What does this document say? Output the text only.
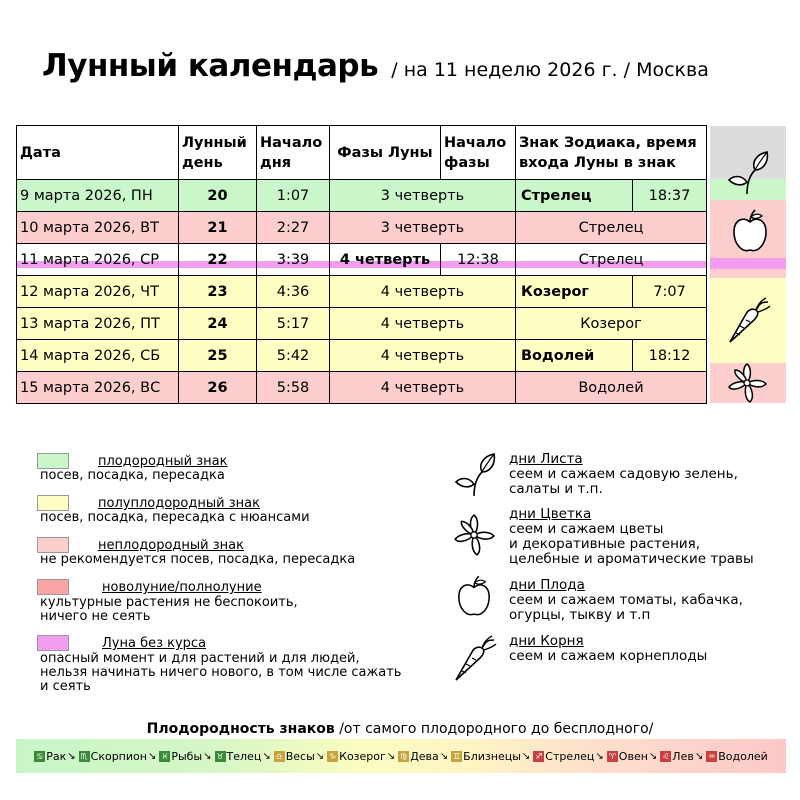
Лунный календарь / на 11 неделю 2026 г. / Москва
Дата	Лунный день	Начало дня	Фазы Луны	Начало фазы	Знак Зодиака, время входа Луны в знак	
9 марта 2026, ПН	20	1:07	3 четверть		Стрелец	18:37
10 марта 2026, ВТ	21	2:27	3 четверть		Стрелец	
11 марта 2026, СР	22	3:39	4 четверть	12:38	Стрелец	
12 марта 2026, ЧТ	23	4:36	4 четверть		Козерог	7:07
13 марта 2026, ПТ	24	5:17	4 четверть		Козерог	
14 марта 2026, СБ	25	5:42	4 четверть		Водолей	18:12
15 марта 2026, ВС	26	5:58	4 четверть		Водолей	
плодородный знак
посев, посадка, пересадка
полуплодородный знак
посев, посадка, пересадка с нюансами
неплодородный знак
не рекомендуется посев, посадка, пересадка
новолуние/полнолуние
культурные растения не беспокоить,
ничего не сеять
Луна без курса
опасный момент и для растений и для людей,
нельзя начинать ничего нового, в том числе сажать
и сеять
дни Листа
сеем и сажаем садовую зелень,
салаты и т.п.
дни Цветка
сеем и сажаем цветы
и декоративные растения,
целебные и ароматические травы
дни Плода
сеем и сажаем томаты, кабачка,
огурцы, тыкву и т.п
дни Корня
сеем и сажаем корнеплоды
Плодородность знаков /от самого плодородного до бесплодного/
♋ Рак ↘ ♏ Скорпион ↘ ♓ Рыбы ↘ ♉ Телец ↘ ♎ Весы ↘ ♑ Козерог ↘ ♍ Дева ↘ ♊ Близнецы ↘ ♐ Стрелец ↘ ♈ Овен ↘ ♌ Лев ↘ ♒ Водолей
